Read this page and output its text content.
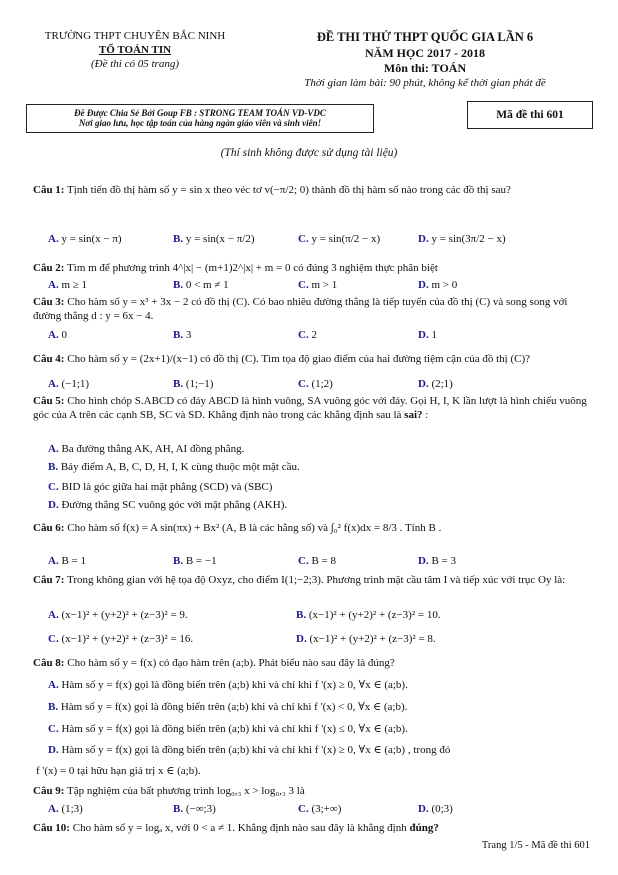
TRƯỜNG THPT CHUYÊN BẮC NINH
TỔ TOÁN TIN
(Đề thi có 05 trang)
ĐỀ THI THỬ THPT QUỐC GIA LẦN 6
NĂM HỌC 2017 - 2018
Môn thi: TOÁN
Thời gian làm bài: 90 phút, không kể thời gian phát đề
Đề Được Chia Sẻ Bởi Goup FB : STRONG TEAM TOÁN VD-VDC
Nơi giao lưu, học tập toán của hàng ngàn giáo viên và sinh viên!
Mã đề thi 601
(Thí sinh không được sử dụng tài liệu)
Câu 1: Tịnh tiến đồ thị hàm số y = sin x theo véc tơ v(−π/2; 0) thành đồ thị hàm số nào trong các đồ thị sau?
A. y = sin(x − π)	B. y = sin(x − π/2)	C. y = sin(π/2 − x)	D. y = sin(3π/2 − x)
Câu 2: Tìm m để phương trình 4^|x| − (m+1)2^|x| + m = 0 có đúng 3 nghiệm thực phân biệt
A. m ≥ 1	B. 0 < m ≠ 1	C. m > 1	D. m > 0
Câu 3: Cho hàm số y = x³ + 3x − 2 có đồ thị (C). Có bao nhiêu đường thẳng là tiếp tuyến của đồ thị (C) và song song với đường thẳng d : y = 6x − 4.
A. 0	B. 3	C. 2	D. 1
Câu 4: Cho hàm số y = (2x+1)/(x−1) có đồ thị (C). Tìm tọa độ giao điểm của hai đường tiệm cận của đồ thị (C)?
A. (−1;1)	B. (1;−1)	C. (1;2)	D. (2;1)
Câu 5: Cho hình chóp S.ABCD có đáy ABCD là hình vuông, SA vuông góc với đáy. Gọi H, I, K lần lượt là hình chiếu vuông góc của A trên các cạnh SB, SC và SD. Khẳng định nào trong các khẳng định sau là sai? :
A. Ba đường thẳng AK, AH, AI đồng phẳng.
B. Bảy điểm A, B, C, D, H, I, K cùng thuộc một mặt cầu.
C. BID là góc giữa hai mặt phẳng (SCD) và (SBC)
D. Đường thẳng SC vuông góc với mặt phẳng (AKH).
Câu 6: Cho hàm số f(x) = A sin(πx) + Bx² (A, B là các hằng số) và ∫₀² f(x)dx = 8/3 . Tính B .
A. B = 1	B. B = −1	C. B = 8	D. B = 3
Câu 7: Trong không gian với hệ tọa độ Oxyz, cho điểm I(1;−2;3). Phương trình mặt cầu tâm I và tiếp xúc với trục Oy là:
A. (x−1)² + (y+2)² + (z−3)² = 9.	B. (x−1)² + (y+2)² + (z−3)² = 10.
C. (x−1)² + (y+2)² + (z−3)² = 16.	D. (x−1)² + (y+2)² + (z−3)² = 8.
Câu 8: Cho hàm số y = f(x) có đạo hàm trên (a;b). Phát biểu nào sau đây là đúng?
A. Hàm số y = f(x) gọi là đồng biến trên (a;b) khi và chỉ khi f '(x) ≥ 0, ∀x ∈ (a;b).
B. Hàm số y = f(x) gọi là đồng biến trên (a;b) khi và chỉ khi f '(x) < 0, ∀x ∈ (a;b).
C. Hàm số y = f(x) gọi là đồng biến trên (a;b) khi và chỉ khi f '(x) ≤ 0, ∀x ∈ (a;b).
D. Hàm số y = f(x) gọi là đồng biến trên (a;b) khi và chỉ khi f '(x) ≥ 0, ∀x ∈ (a;b) , trong đó
f '(x) = 0 tại hữu hạn giá trị x ∈ (a;b).
Câu 9: Tập nghiệm của bất phương trình log₀,₃ x > log₀,₃ 3 là
A. (1;3)	B. (−∞;3)	C. (3;+∞)	D. (0;3)
Câu 10: Cho hàm số y = logₐ x, với 0 < a ≠ 1. Khẳng định nào sau đây là khẳng định đúng?
Trang 1/5 - Mã đề thi 601
